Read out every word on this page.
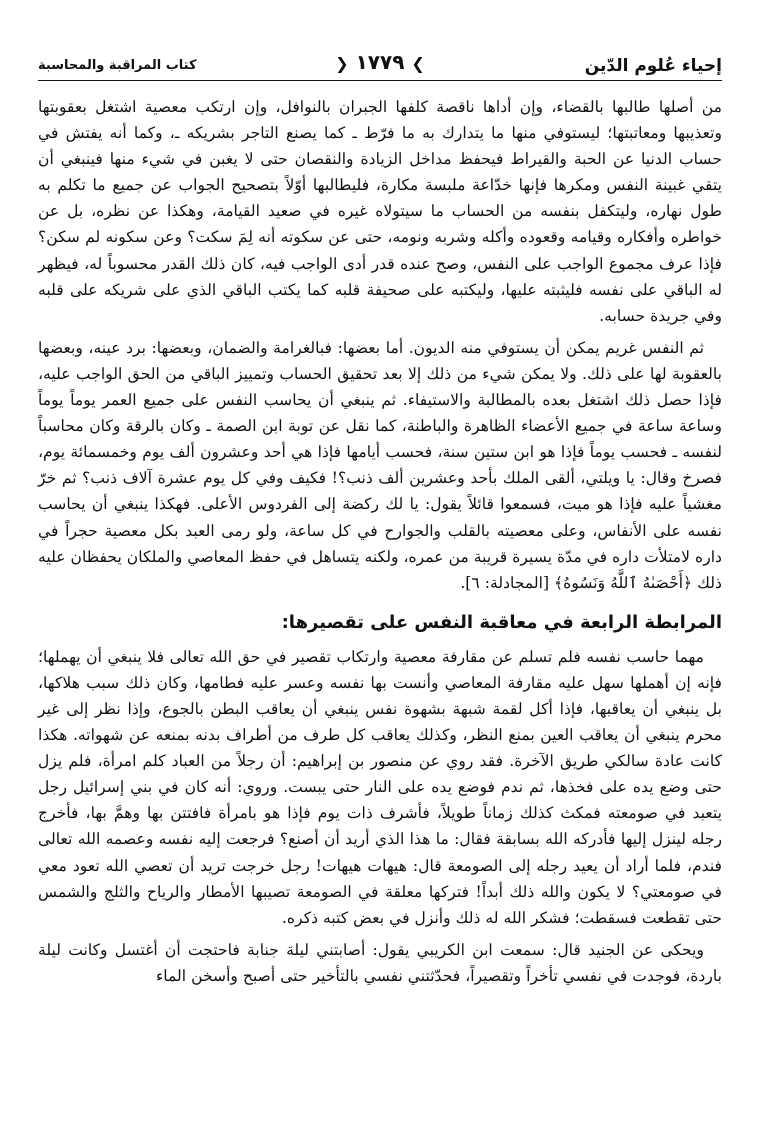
إحياء عُلوم الدّين
❯ ١٧٧٩ ❮
كتاب المراقبة والمحاسبة

من أصلها طالبها بالقضاء، وإن أداها ناقصة كلفها الجبران بالنوافل، وإن ارتكب معصية اشتغل بعقوبتها وتعذيبها ومعاتبتها؛ ليستوفي منها ما يتدارك به ما فرّط ـ كما يصنع التاجر بشريكه ـ، وكما أنه يفتش في حساب الدنيا عن الحبة والقيراط فيحفظ مداخل الزيادة والنقصان حتى لا يغبن في شيء منها فينبغي أن يتقي غبينة النفس ومكرها فإنها خدّاعة ملبسة مكارة، فليطالبها أوّلاً بتصحيح الجواب عن جميع ما تكلم به طول نهاره، وليتكفل بنفسه من الحساب ما سيتولاه غيره في صعيد القيامة، وهكذا عن نظره، بل عن خواطره وأفكاره وقيامه وقعوده وأكله وشربه ونومه، حتى عن سكوته أنه لِمَ سكت؟ وعن سكونه لم سكن؟ فإذا عرف مجموع الواجب على النفس، وصح عنده قدر أدى الواجب فيه، كان ذلك القدر محسوباً له، فيظهر له الباقي على نفسه فليثبته عليها، وليكتبه على صحيفة قلبه كما يكتب الباقي الذي على شريكه على قلبه وفي جريدة حسابه.

ثم النفس غريم يمكن أن يستوفي منه الديون. أما بعضها: فبالغرامة والضمان، وبعضها: برد عينه، وبعضها بالعقوبة لها على ذلك. ولا يمكن شيء من ذلك إلا بعد تحقيق الحساب وتمييز الباقي من الحق الواجب عليه، فإذا حصل ذلك اشتغل بعده بالمطالبة والاستيفاء. ثم ينبغي أن يحاسب النفس على جميع العمر يوماً يوماً وساعة ساعة في جميع الأعضاء الظاهرة والباطنة، كما نقل عن توبة ابن الصمة ـ وكان بالرقة وكان محاسباً لنفسه ـ فحسب يوماً فإذا هو ابن ستين سنة، فحسب أيامها فإذا هي أحد وعشرون ألف يوم وخمسمائة يوم، فصرخ وقال: يا ويلتي، ألقى الملك بأحد وعشرين ألف ذنب؟! فكيف وفي كل يوم عشرة آلاف ذنب؟ ثم خرّ مغشياً عليه فإذا هو ميت، فسمعوا قائلاً يقول: يا لك ركضة إلى الفردوس الأعلى. فهكذا ينبغي أن يحاسب نفسه على الأنفاس، وعلى معصيته بالقلب والجوارح في كل ساعة، ولو رمى العبد بكل معصية حجراً في داره لامتلأت داره في مدّة يسيرة قريبة من عمره، ولكنه يتساهل في حفظ المعاصي والملكان يحفظان عليه ذلك ﴿أَحْصَىٰهُ ٱللَّهُ وَنَسُوهُ﴾ [المجادلة: ٦].

المرابطة الرابعة في معاقبة النفس على تقصيرها:

مهما حاسب نفسه فلم تسلم عن مقارفة معصية وارتكاب تقصير في حق الله تعالى فلا ينبغي أن يهملها؛ فإنه إن أهملها سهل عليه مقارفة المعاصي وأنست بها نفسه وعسر عليه فطامها، وكان ذلك سبب هلاكها، بل ينبغي أن يعاقبها، فإذا أكل لقمة شبهة بشهوة نفس ينبغي أن يعاقب البطن بالجوع، وإذا نظر إلى غير محرم ينبغي أن يعاقب العين بمنع النظر، وكذلك يعاقب كل طرف من أطراف بدنه بمنعه عن شهواته. هكذا كانت عادة سالكي طريق الآخرة. فقد روي عن منصور بن إبراهيم: أن رجلاً من العباد كلم امرأة، فلم يزل حتى وضع يده على فخذها، ثم ندم فوضع يده على النار حتى يبست. وروي: أنه كان في بني إسرائيل رجل يتعبد في صومعته فمكث كذلك زماناً طويلاً، فأشرف ذات يوم فإذا هو بامرأة فافتتن بها وهمَّ بها، فأخرج رجله لينزل إليها فأدركه الله بسابقة فقال: ما هذا الذي أريد أن أصنع؟ فرجعت إليه نفسه وعصمه الله تعالى فندم، فلما أراد أن يعيد رجله إلى الصومعة قال: هيهات هيهات! رجل خرجت تريد أن تعصي الله تعود معي في صومعتي؟ لا يكون والله ذلك أبداً! فتركها معلقة في الصومعة تصيبها الأمطار والرياح والثلج والشمس حتى تقطعت فسقطت؛ فشكر الله له ذلك وأنزل في بعض كتبه ذكره.

ويحكى عن الجنيد قال: سمعت ابن الكريبي يقول: أصابتني ليلة جنابة فاحتجت أن أغتسل وكانت ليلة باردة، فوجدت في نفسي تأخراً وتقصيراً، فحدّثتني نفسي بالتأخير حتى أصبح وأسخن الماء
